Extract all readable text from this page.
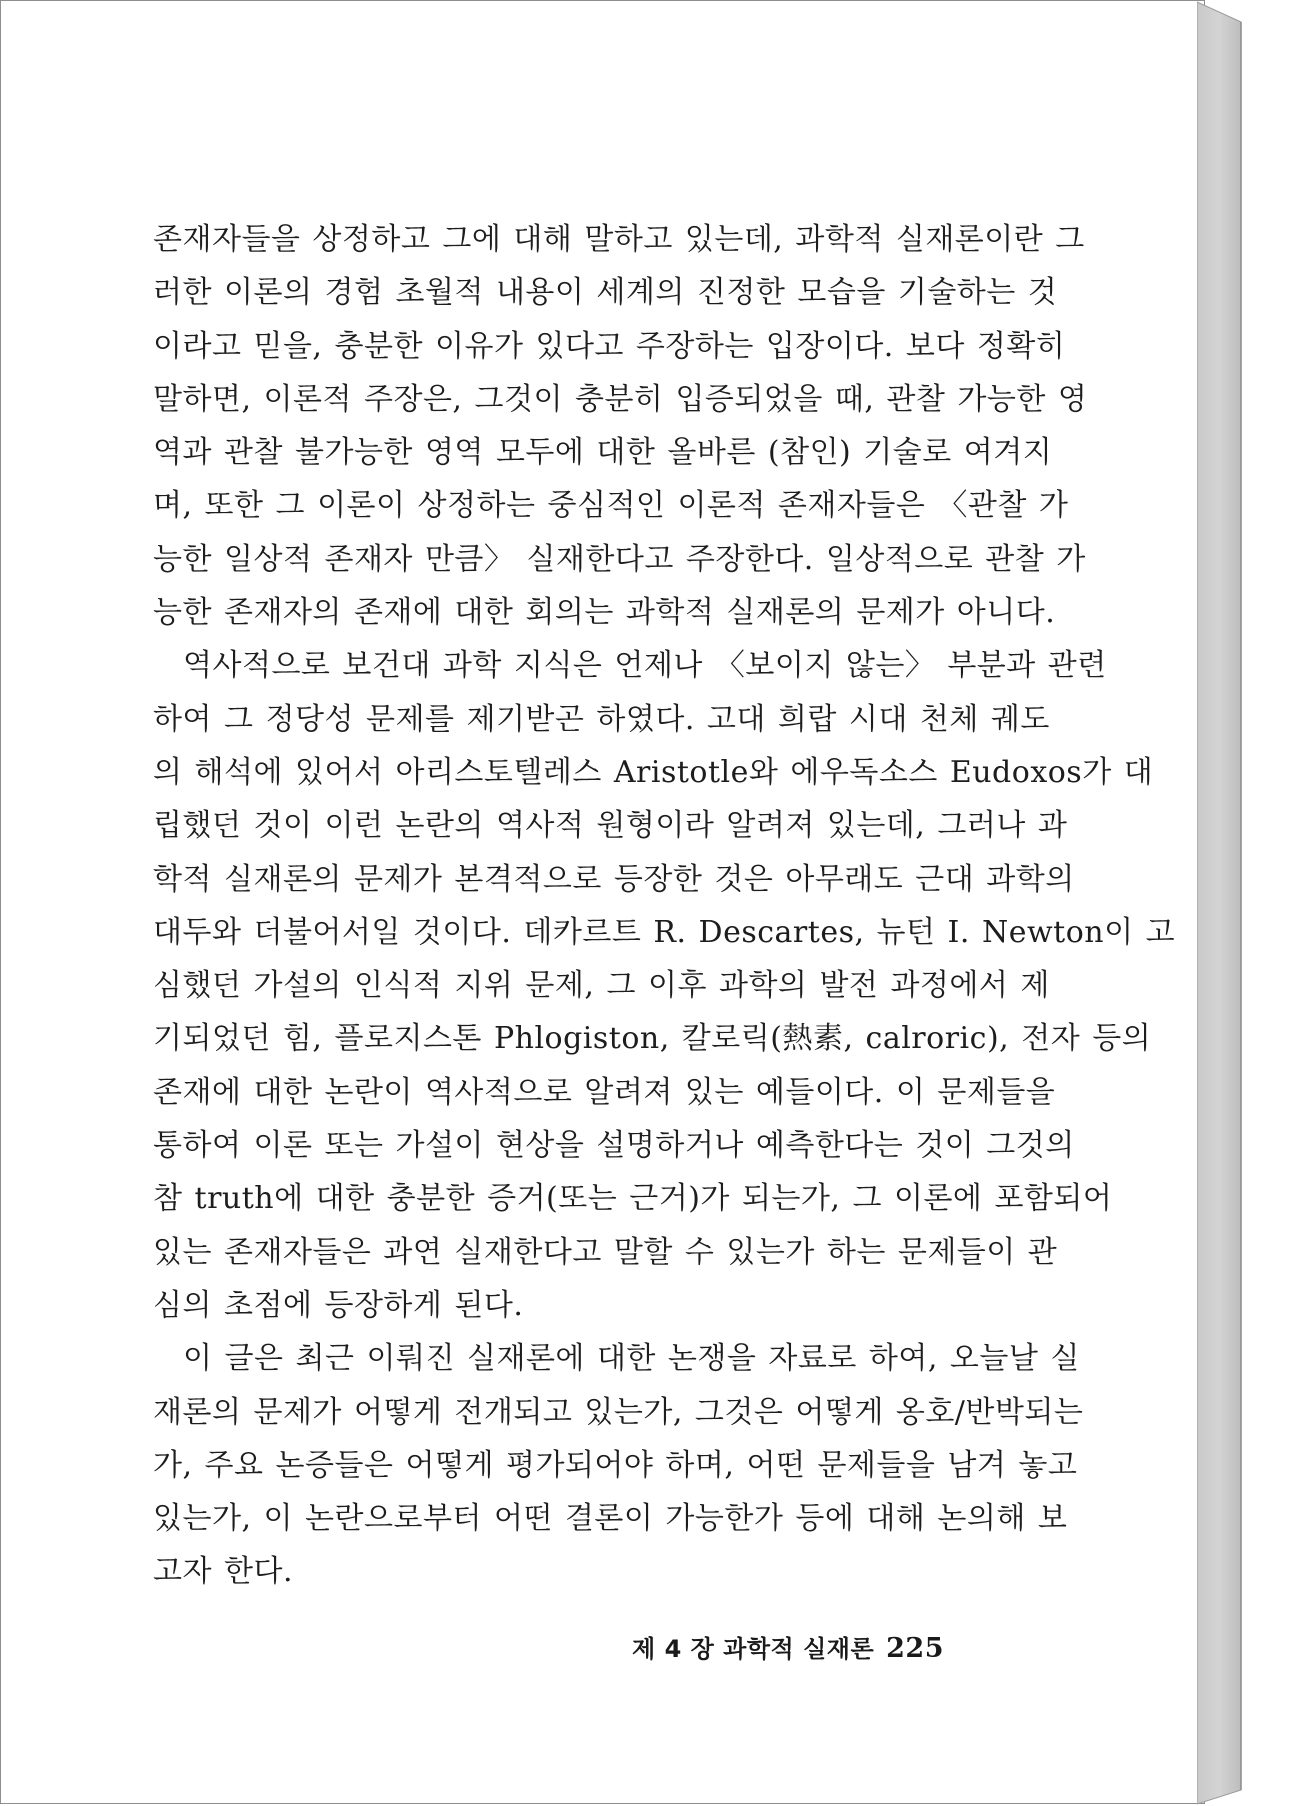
존재자들을 상정하고 그에 대해 말하고 있는데, 과학적 실재론이란 그
러한 이론의 경험 초월적 내용이 세계의 진정한 모습을 기술하는 것
이라고 믿을, 충분한 이유가 있다고 주장하는 입장이다. 보다 정확히
말하면, 이론적 주장은, 그것이 충분히 입증되었을 때, 관찰 가능한 영
역과 관찰 불가능한 영역 모두에 대한 올바른 (참인) 기술로 여겨지
며, 또한 그 이론이 상정하는 중심적인 이론적 존재자들은 〈관찰 가
능한 일상적 존재자 만큼〉 실재한다고 주장한다. 일상적으로 관찰 가
능한 존재자의 존재에 대한 회의는 과학적 실재론의 문제가 아니다.

역사적으로 보건대 과학 지식은 언제나 〈보이지 않는〉 부분과 관련
하여 그 정당성 문제를 제기받곤 하였다. 고대 희랍 시대 천체 궤도
의 해석에 있어서 아리스토텔레스 Aristotle와 에우독소스 Eudoxos가 대
립했던 것이 이런 논란의 역사적 원형이라 알려져 있는데, 그러나 과
학적 실재론의 문제가 본격적으로 등장한 것은 아무래도 근대 과학의
대두와 더불어서일 것이다. 데카르트 R. Descartes, 뉴턴 I. Newton이 고
심했던 가설의 인식적 지위 문제, 그 이후 과학의 발전 과정에서 제
기되었던 힘, 플로지스톤 Phlogiston, 칼로릭(熱素, calroric), 전자 등의
존재에 대한 논란이 역사적으로 알려져 있는 예들이다. 이 문제들을
통하여 이론 또는 가설이 현상을 설명하거나 예측한다는 것이 그것의
참 truth에 대한 충분한 증거(또는 근거)가 되는가, 그 이론에 포함되어
있는 존재자들은 과연 실재한다고 말할 수 있는가 하는 문제들이 관
심의 초점에 등장하게 된다.

이 글은 최근 이뤄진 실재론에 대한 논쟁을 자료로 하여, 오늘날 실
재론의 문제가 어떻게 전개되고 있는가, 그것은 어떻게 옹호/반박되는
가, 주요 논증들은 어떻게 평가되어야 하며, 어떤 문제들을 남겨 놓고
있는가, 이 논란으로부터 어떤 결론이 가능한가 등에 대해 논의해 보
고자 한다.

제 4 장 과학적 실재론 225
